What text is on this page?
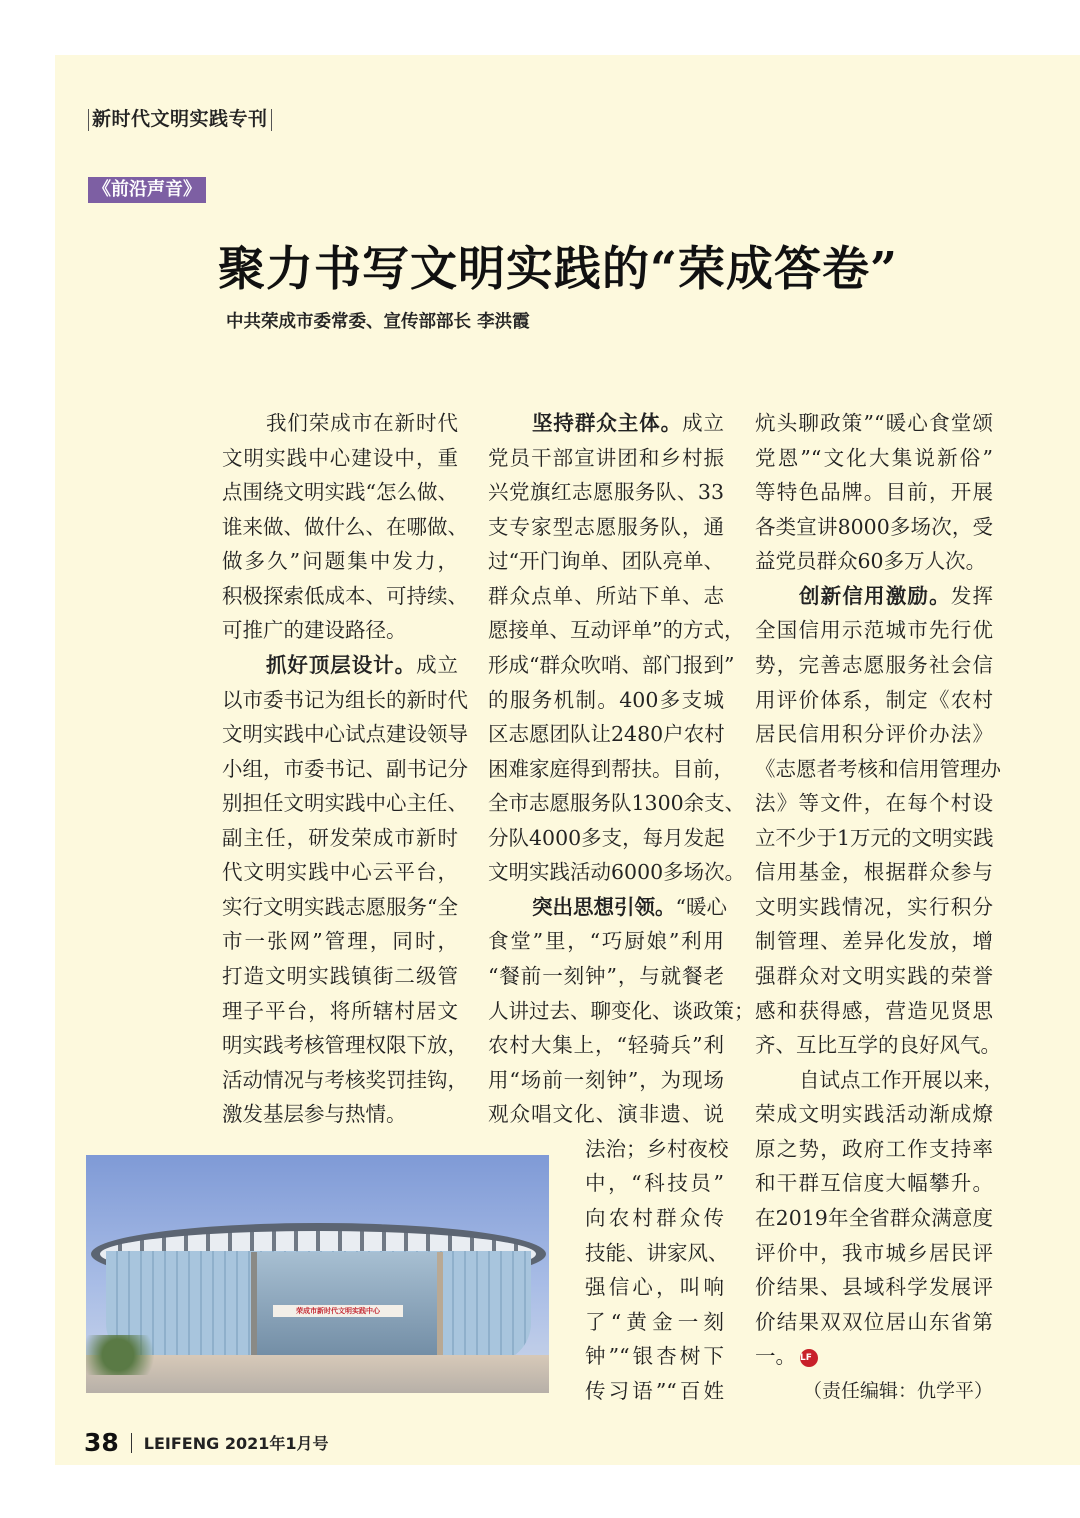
新时代文明实践专刊
《前沿声音》
聚力书写文明实践的“荣成答卷”
中共荣成市委常委、宣传部部长 李洪霞
我们荣成市在新时代
文明实践中心建设中，重
点围绕文明实践“怎么做、
谁来做、做什么、在哪做、
做多久”问题集中发力，
积极探索低成本、可持续、
可推广的建设路径。
抓好顶层设计。成立
以市委书记为组长的新时代
文明实践中心试点建设领导
小组，市委书记、副书记分
别担任文明实践中心主任、
副主任，研发荣成市新时
代文明实践中心云平台，
实行文明实践志愿服务“全
市一张网”管理，同时，
打造文明实践镇街二级管
理子平台，将所辖村居文
明实践考核管理权限下放，
活动情况与考核奖罚挂钩，
激发基层参与热情。
坚持群众主体。成立
党员干部宣讲团和乡村振
兴党旗红志愿服务队、33
支专家型志愿服务队，通
过“开门询单、团队亮单、
群众点单、所站下单、志
愿接单、互动评单”的方式，
形成“群众吹哨、部门报到”
的服务机制。400多支城
区志愿团队让2480户农村
困难家庭得到帮扶。目前，
全市志愿服务队1300余支、
分队4000多支，每月发起
文明实践活动6000多场次。
突出思想引领。“暖心
食堂”里，“巧厨娘”利用
“餐前一刻钟”，与就餐老
人讲过去、聊变化、谈政策；
农村大集上，“轻骑兵”利
用“场前一刻钟”，为现场
观众唱文化、演非遗、说
法治；乡村夜校
中，“科技员”
向农村群众传
技能、讲家风、
强信心，叫响
了“黄金一刻
钟”“银杏树下
传习语”“百姓
炕头聊政策”“暖心食堂颂
党恩”“文化大集说新俗”
等特色品牌。目前，开展
各类宣讲8000多场次，受
益党员群众60多万人次。
创新信用激励。发挥
全国信用示范城市先行优
势，完善志愿服务社会信
用评价体系，制定《农村
居民信用积分评价办法》
《志愿者考核和信用管理办
法》等文件，在每个村设
立不少于1万元的文明实践
信用基金，根据群众参与
文明实践情况，实行积分
制管理、差异化发放，增
强群众对文明实践的荣誉
感和获得感，营造见贤思
齐、互比互学的良好风气。
自试点工作开展以来，
荣成文明实践活动渐成燎
原之势，政府工作支持率
和干群互信度大幅攀升。
在2019年全省群众满意度
评价中，我市城乡居民评
价结果、县域科学发展评
价结果双双位居山东省第
一。 LF
（责任编辑：仇学平）
荣成市新时代文明实践中心
38 LEIFENG 2021年1月号
